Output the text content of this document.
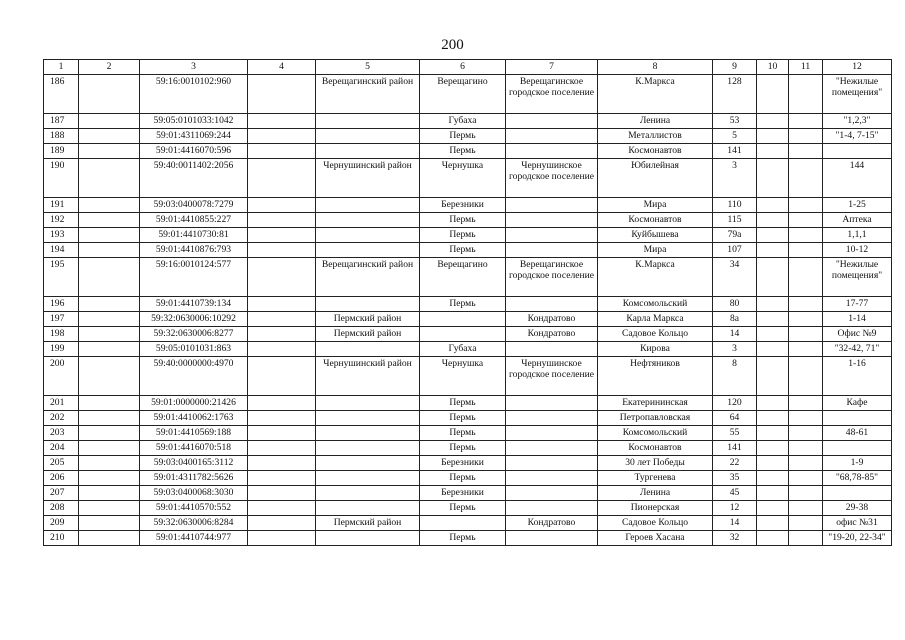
200
1	2	3	4	5	6	7	8	9	10	11	12
186		59:16:0010102:960		Верещагинский район	Верещагино	Верещагинское городское поселение	К.Маркса	128			"Нежилые помещения"
187		59:05:0101033:1042			Губаха		Ленина	53			"1,2,3"
188		59:01:4311069:244			Пермь		Металлистов	5			"1-4, 7-15"
189		59:01:4416070:596			Пермь		Космонавтов	141			
190		59:40:0011402:2056		Чернушинский район	Чернушка	Чернушинское городское поселение	Юбилейная	3			144
191		59:03:0400078:7279			Березники		Мира	110			1-25
192		59:01:4410855:227			Пермь		Космонавтов	115			Аптека
193		59:01:4410730:81			Пермь		Куйбышева	79а			1,1,1
194		59:01:4410876:793			Пермь		Мира	107			10-12
195		59:16:0010124:577		Верещагинский район	Верещагино	Верещагинское городское поселение	К.Маркса	34			"Нежилые помещения"
196		59:01:4410739:134			Пермь		Комсомольский	80			17-77
197		59:32:0630006:10292		Пермский район		Кондратово	Карла Маркса	8а			1-14
198		59:32:0630006:8277		Пермский район		Кондратово	Садовое Кольцо	14			Офис №9
199		59:05:0101031:863			Губаха		Кирова	3			"32-42, 71"
200		59:40:0000000:4970		Чернушинский район	Чернушка	Чернушинское городское поселение	Нефтяников	8			1-16
201		59:01:0000000:21426			Пермь		Екатерининская	120			Кафе
202		59:01:4410062:1763			Пермь		Петропавловская	64			
203		59:01:4410569:188			Пермь		Комсомольский	55			48-61
204		59:01:4416070:518			Пермь		Космонавтов	141			
205		59:03:0400165:3112			Березники		30 лет Победы	22			1-9
206		59:01:4311782:5626			Пермь		Тургенева	35			"68,78-85"
207		59:03:0400068:3030			Березники		Ленина	45			
208		59:01:4410570:552			Пермь		Пионерская	12			29-38
209		59:32:0630006:8284		Пермский район		Кондратово	Садовое Кольцо	14			офис №31
210		59:01:4410744:977			Пермь		Героев Хасана	32			"19-20, 22-34"
